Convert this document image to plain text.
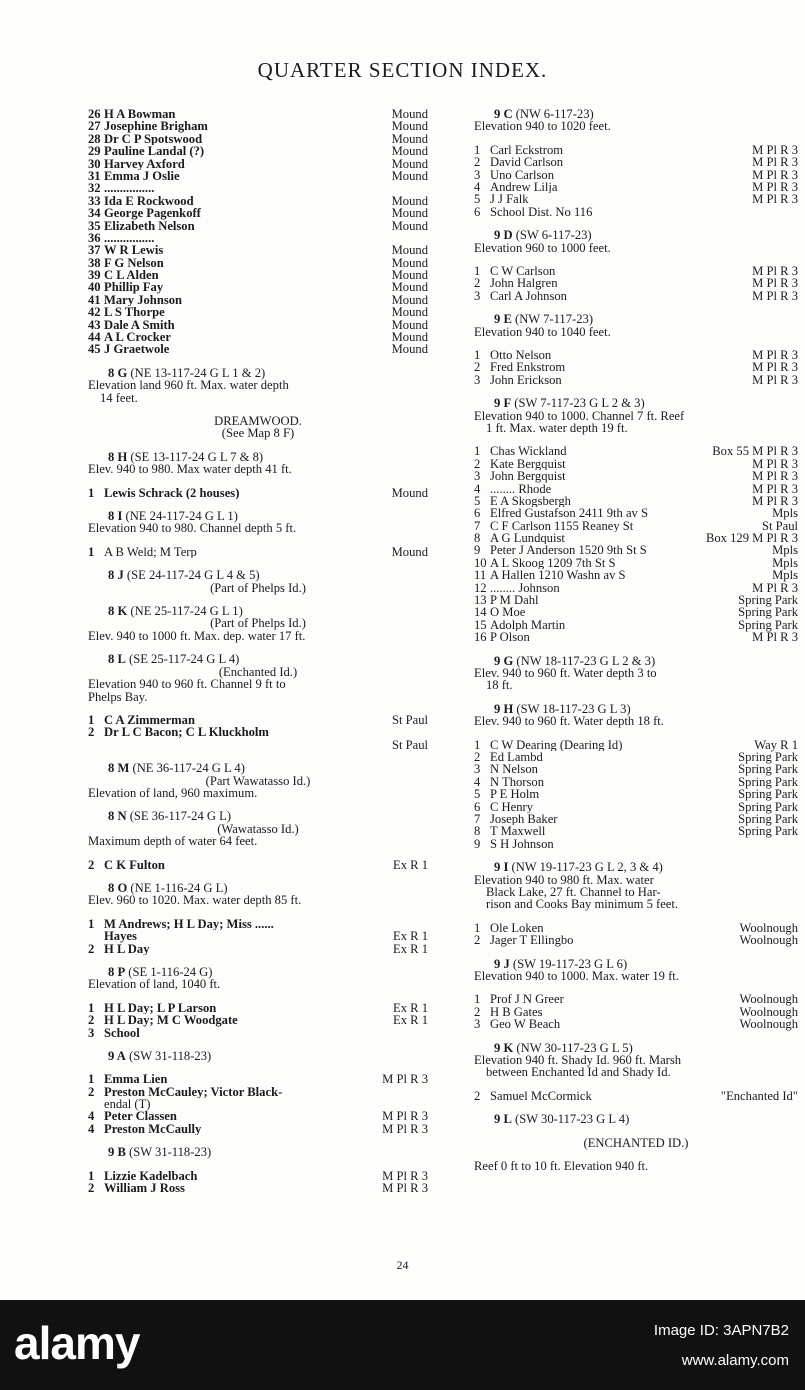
QUARTER SECTION INDEX.
26 H A Bowman	Mound
27 Josephine Brigham	Mound
28 Dr C P Spotswood	Mound
29 Pauline Landal (?)	Mound
30 Harvey Axford	Mound
31 Emma J Oslie	Mound
32 ................
33 Ida E Rockwood	Mound
34 George Pagenkoff	Mound
35 Elizabeth Nelson	Mound
36 ................
37 W R Lewis	Mound
38 F G Nelson	Mound
39 C L Alden	Mound
40 Phillip Fay	Mound
41 Mary Johnson	Mound
42 L S Thorpe	Mound
43 Dale A Smith	Mound
44 A L Crocker	Mound
45 J Graetwole	Mound
8 G (NE 13-117-24 G L 1 & 2)
Elevation land 960 ft. Max. water depth
14 feet.
DREAMWOOD.
(See Map 8 F)
8 H (SE 13-117-24 G L 7 & 8)
Elev. 940 to 980. Max water depth 41 ft.
1 Lewis Schrack (2 houses)	Mound
8 I (NE 24-117-24 G L 1)
Elevation 940 to 980. Channel depth 5 ft.
1 A B Weld; M Terp	Mound
8 J (SE 24-117-24 G L 4 & 5)
(Part of Phelps Id.)
8 K (NE 25-117-24 G L 1)
(Part of Phelps Id.)
Elev. 940 to 1000 ft. Max. dep. water 17 ft.
8 L (SE 25-117-24 G L 4)
(Enchanted Id.)
Elevation 940 to 960 ft. Channel 9 ft to
Phelps Bay.
1 C A Zimmerman	St Paul
2 Dr L C Bacon; C L Kluckholm
St Paul
8 M (NE 36-117-24 G L 4)
(Part Wawatasso Id.)
Elevation of land, 960 maximum.
8 N (SE 36-117-24 G L)
(Wawatasso Id.)
Maximum depth of water 64 feet.
2 C K Fulton	Ex R 1
8 O (NE 1-116-24 G L)
Elev. 960 to 1020. Max. water depth 85 ft.
1 M Andrews; H L Day; Miss ......
Hayes	Ex R 1
2 H L Day	Ex R 1
8 P (SE 1-116-24 G)
Elevation of land, 1040 ft.
1 H L Day; L P Larson	Ex R 1
2 H L Day; M C Woodgate	Ex R 1
3 School
9 A (SW 31-118-23)
1 Emma Lien	M Pl R 3
2 Preston McCauley; Victor Black-
endal (T)
4 Peter Classen	M Pl R 3
4 Preston McCaully	M Pl R 3
9 B (SW 31-118-23)
1 Lizzie Kadelbach	M Pl R 3
2 William J Ross	M Pl R 3
9 C (NW 6-117-23)
Elevation 940 to 1020 feet.
1 Carl Eckstrom	M Pl R 3
2 David Carlson	M Pl R 3
3 Uno Carlson	M Pl R 3
4 Andrew Lilja	M Pl R 3
5 J J Falk	M Pl R 3
6 School Dist. No 116
9 D (SW 6-117-23)
Elevation 960 to 1000 feet.
1 C W Carlson	M Pl R 3
2 John Halgren	M Pl R 3
3 Carl A Johnson	M Pl R 3
9 E (NW 7-117-23)
Elevation 940 to 1040 feet.
1 Otto Nelson	M Pl R 3
2 Fred Enkstrom	M Pl R 3
3 John Erickson	M Pl R 3
9 F (SW 7-117-23 G L 2 & 3)
Elevation 940 to 1000. Channel 7 ft. Reef
1 ft. Max. water depth 19 ft.
1 Chas Wickland	Box 55 M Pl R 3
2 Kate Bergquist	M Pl R 3
3 John Bergquist	M Pl R 3
4 ........ Rhode	M Pl R 3
5 E A Skogsbergh	M Pl R 3
6 Elfred Gustafson 2411 9th av S	Mpls
7 C F Carlson 1155 Reaney St	St Paul
8 A G Lundquist	Box 129 M Pl R 3
9 Peter J Anderson 1520 9th St S	Mpls
10 A L Skoog 1209 7th St S	Mpls
11 A Hallen 1210 Washn av S	Mpls
12 ........ Johnson	M Pl R 3
13 P M Dahl	Spring Park
14 O Moe	Spring Park
15 Adolph Martin	Spring Park
16 P Olson	M Pl R 3
9 G (NW 18-117-23 G L 2 & 3)
Elev. 940 to 960 ft. Water depth 3 to
18 ft.
9 H (SW 18-117-23 G L 3)
Elev. 940 to 960 ft. Water depth 18 ft.
1 C W Dearing (Dearing Id)	Way R 1
2 Ed Lambd	Spring Park
3 N Nelson	Spring Park
4 N Thorson	Spring Park
5 P E Holm	Spring Park
6 C Henry	Spring Park
7 Joseph Baker	Spring Park
8 T Maxwell	Spring Park
9 S H Johnson
9 I (NW 19-117-23 G L 2, 3 & 4)
Elevation 940 to 980 ft. Max. water
Black Lake, 27 ft. Channel to Har-
rison and Cooks Bay minimum 5 feet.
1 Ole Loken	Woolnough
2 Jager T Ellingbo	Woolnough
9 J (SW 19-117-23 G L 6)
Elevation 940 to 1000. Max. water 19 ft.
1 Prof J N Greer	Woolnough
2 H B Gates	Woolnough
3 Geo W Beach	Woolnough
9 K (NW 30-117-23 G L 5)
Elevation 940 ft. Shady Id. 960 ft. Marsh
between Enchanted Id and Shady Id.
2 Samuel McCormick	"Enchanted Id"
9 L (SW 30-117-23 G L 4)
(ENCHANTED ID.)
Reef 0 ft to 10 ft. Elevation 940 ft.
24
alamy	Image ID: 3APN7B2
www.alamy.com
